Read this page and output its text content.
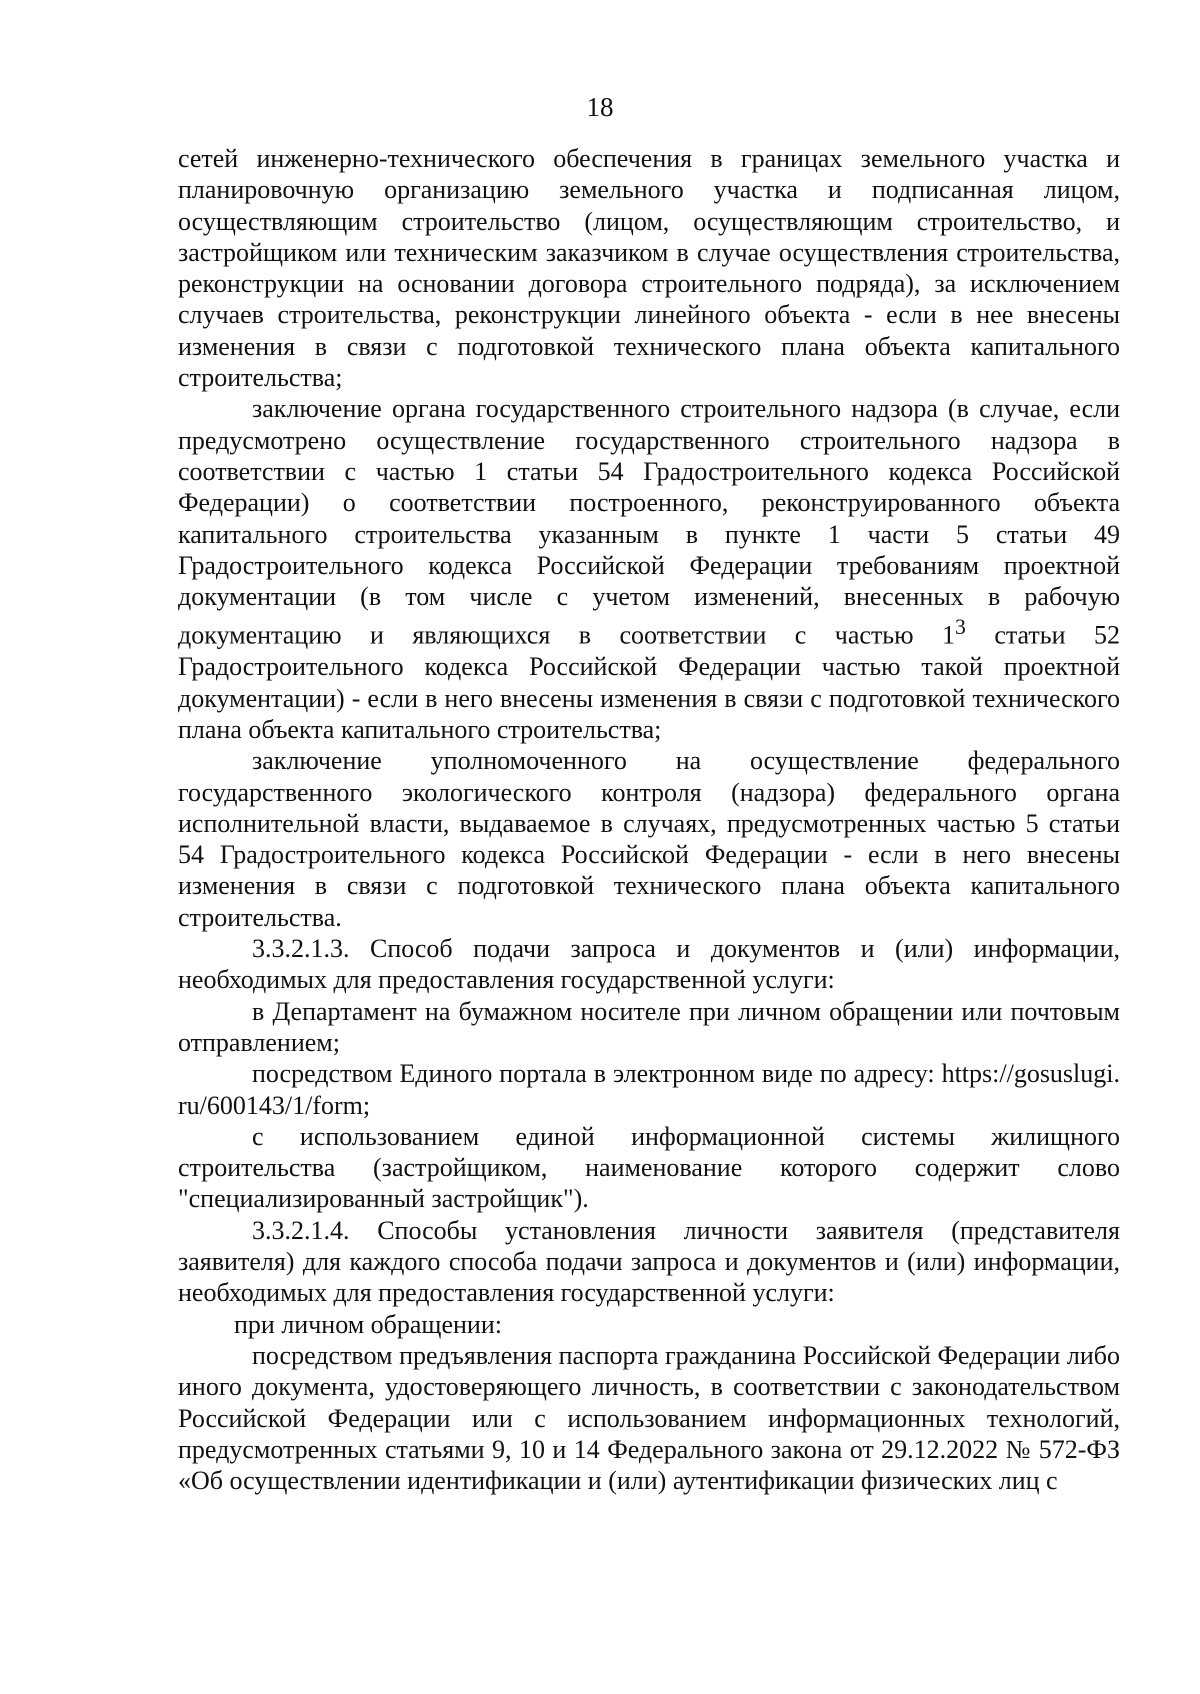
18

сетей инженерно-технического обеспечения в границах земельного участка и планировочную организацию земельного участка и подписанная лицом, осуществляющим строительство (лицом, осуществляющим строительство, и застройщиком или техническим заказчиком в случае осуществления строительства, реконструкции на основании договора строительного подряда), за исключением случаев строительства, реконструкции линейного объекта - если в нее внесены изменения в связи с подготовкой технического плана объекта капитального строительства;

заключение органа государственного строительного надзора (в случае, если предусмотрено осуществление государственного строительного надзора в соответствии с частью 1 статьи 54 Градостроительного кодекса Российской Федерации) о соответствии построенного, реконструированного объекта капитального строительства указанным в пункте 1 части 5 статьи 49 Градостроительного кодекса Российской Федерации требованиям проектной документации (в том числе с учетом изменений, внесенных в рабочую документацию и являющихся в соответствии с частью $1^3$ статьи 52 Градостроительного кодекса Российской Федерации частью такой проектной документации) - если в него внесены изменения в связи с подготовкой технического плана объекта капитального строительства;

заключение уполномоченного на осуществление федерального государственного экологического контроля (надзора) федерального органа исполнительной власти, выдаваемое в случаях, предусмотренных частью 5 статьи 54 Градостроительного кодекса Российской Федерации - если в него внесены изменения в связи с подготовкой технического плана объекта капитального строительства.

3.3.2.1.3. Способ подачи запроса и документов и (или) информации, необходимых для предоставления государственной услуги:

в Департамент на бумажном носителе при личном обращении или почтовым отправлением;

посредством Единого портала в электронном виде по адресу: https://gosuslugi.ru/600143/1/form;

с использованием единой информационной системы жилищного строительства (застройщиком, наименование которого содержит слово "специализированный застройщик").

3.3.2.1.4. Способы установления личности заявителя (представителя заявителя) для каждого способа подачи запроса и документов и (или) информации, необходимых для предоставления государственной услуги:

при личном обращении:

посредством предъявления паспорта гражданина Российской Федерации либо иного документа, удостоверяющего личность, в соответствии с законодательством Российской Федерации или с использованием информационных технологий, предусмотренных статьями 9, 10 и 14 Федерального закона от 29.12.2022 № 572-ФЗ «Об осуществлении идентификации и (или) аутентификации физических лиц с
